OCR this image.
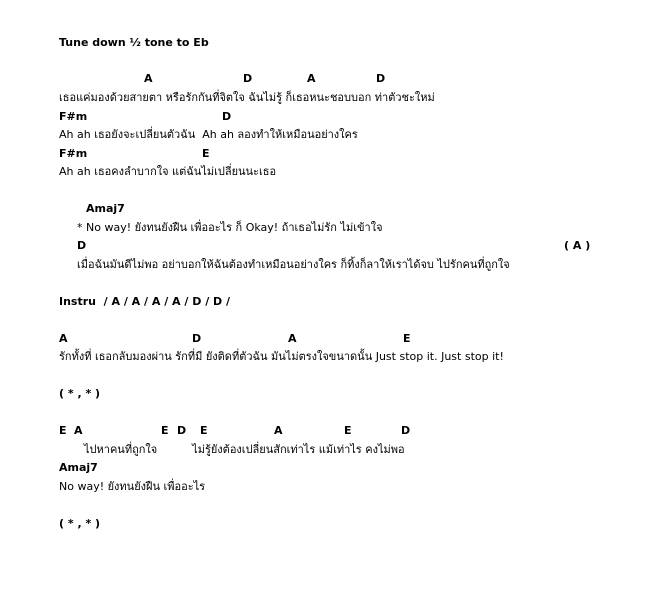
Tune down ½ tone to Eb
A	D	A	D
เธอแค่มองด้วยสายตา หรือรักกันที่จิตใจ ฉันไม่รู้ ก็เธอหนะชอบบอก ท่าตัวชะใหม่
F#m	D
Ah ah เธอยังจะเปลี่ยนตัวฉัน  Ah ah ลองทำให้เหมือนอย่างใคร
F#m	E
Ah ah เธอคงลำบากใจ แต่ฉันไม่เปลี่ยนนะเธอ
Amaj7
* No way! ยังทนยังฝืน เพื่ออะไร ก็ Okay! ถ้าเธอไม่รัก ไม่เข้าใจ
D	( A )
เมื่อฉันมันดีไม่พอ อย่าบอกให้ฉันต้องทำเหมือนอย่างใคร ก็ทิ้งก็ลาให้เราได้จบ ไปรักคนที่ถูกใจ
Instru  / A / A / A / A / D / D /
A	D	A	E
รักทั้งที่ เธอกลับมองผ่าน รักที่มี ยังติดที่ตัวฉัน มันไม่ตรงใจขนาดนั้น Just stop it. Just stop it!
( * , * )
E A	E D E	A	E	D
ไปหาคนที่ถูกใจ          ไม่รู้ยังต้องเปลี่ยนสักเท่าไร แม้เท่าไร คงไม่พอ
Amaj7
No way! ยังทนยังฝืน เพื่ออะไร
( * , * )
